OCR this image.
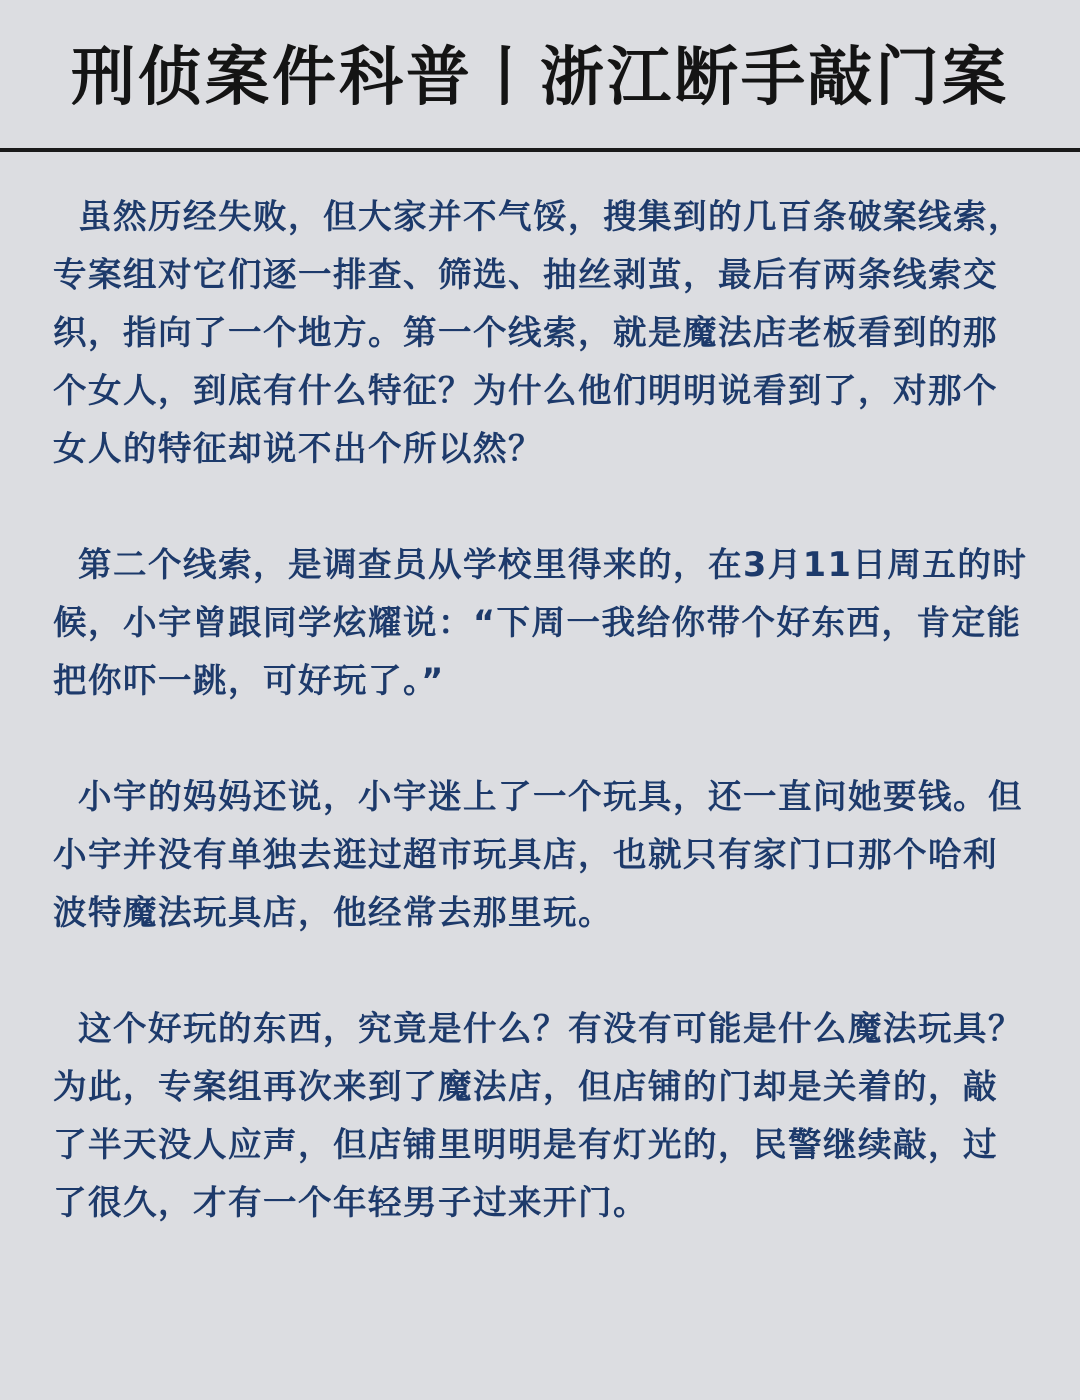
刑侦案件科普丨浙江断手敲门案

虽然历经失败，但大家并不气馁，搜集到的几百条破案线索，专案组对它们逐一排查、筛选、抽丝剥茧，最后有两条线索交织，指向了一个地方。第一个线索，就是魔法店老板看到的那个女人，到底有什么特征？为什么他们明明说看到了，对那个女人的特征却说不出个所以然？

第二个线索，是调查员从学校里得来的，在3月11日周五的时候，小宇曾跟同学炫耀说：“下周一我给你带个好东西，肯定能把你吓一跳，可好玩了。”

小宇的妈妈还说，小宇迷上了一个玩具，还一直问她要钱。但小宇并没有单独去逛过超市玩具店，也就只有家门口那个哈利波特魔法玩具店，他经常去那里玩。

这个好玩的东西，究竟是什么？有没有可能是什么魔法玩具？为此，专案组再次来到了魔法店，但店铺的门却是关着的，敲了半天没人应声，但店铺里明明是有灯光的，民警继续敲，过了很久，才有一个年轻男子过来开门。
